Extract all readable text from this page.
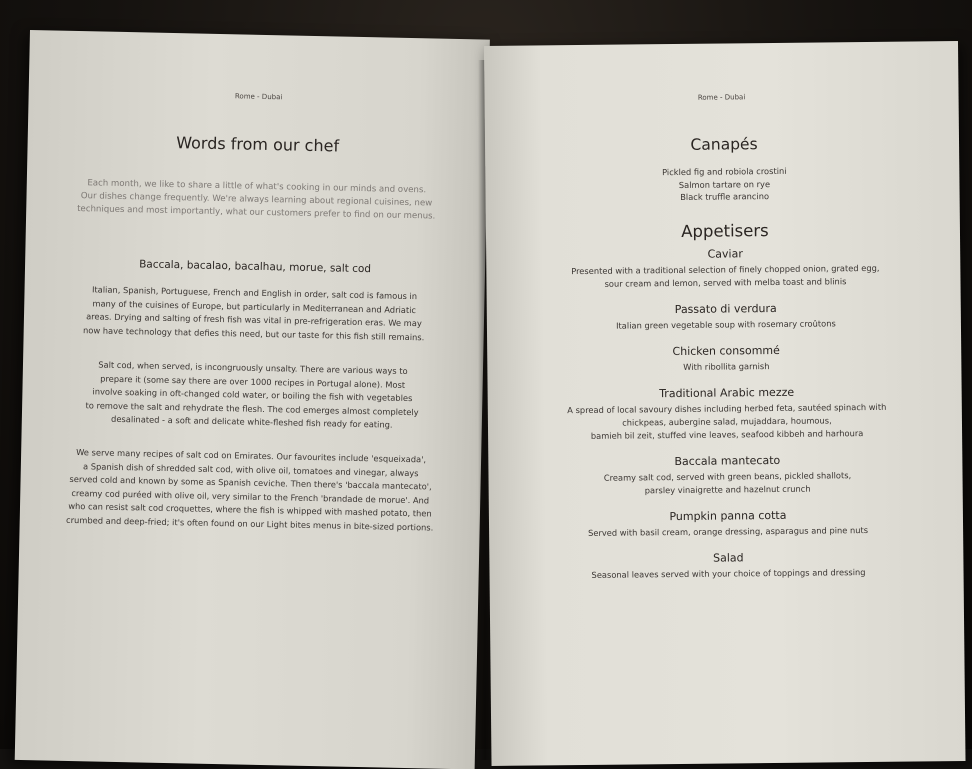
Rome - Dubai

Words from our chef

Each month, we like to share a little of what's cooking in our minds and ovens.
Our dishes change frequently. We're always learning about regional cuisines, new
techniques and most importantly, what our customers prefer to find on our menus.

Baccala, bacalao, bacalhau, morue, salt cod

Italian, Spanish, Portuguese, French and English in order, salt cod is famous in
many of the cuisines of Europe, but particularly in Mediterranean and Adriatic
areas. Drying and salting of fresh fish was vital in pre-refrigeration eras. We may
now have technology that defies this need, but our taste for this fish still remains.

Salt cod, when served, is incongruously unsalty. There are various ways to
prepare it (some say there are over 1000 recipes in Portugal alone). Most
involve soaking in oft-changed cold water, or boiling the fish with vegetables
to remove the salt and rehydrate the flesh. The cod emerges almost completely
desalinated - a soft and delicate white-fleshed fish ready for eating.

We serve many recipes of salt cod on Emirates. Our favourites include 'esqueixada',
a Spanish dish of shredded salt cod, with olive oil, tomatoes and vinegar, always
served cold and known by some as Spanish ceviche. Then there's 'baccala mantecato',
creamy cod puréed with olive oil, very similar to the French 'brandade de morue'. And
who can resist salt cod croquettes, where the fish is whipped with mashed potato, then
crumbed and deep-fried; it's often found on our Light bites menus in bite-sized portions.

Rome - Dubai

Canapés

Pickled fig and robiola crostini

Salmon tartare on rye

Black truffle arancino

Appetisers

Caviar

Presented with a traditional selection of finely chopped onion, grated egg,
sour cream and lemon, served with melba toast and blinis

Passato di verdura

Italian green vegetable soup with rosemary croûtons

Chicken consommé

With ribollita garnish

Traditional Arabic mezze

A spread of local savoury dishes including herbed feta, sautéed spinach with
chickpeas, aubergine salad, mujaddara, houmous,
bamieh bil zeit, stuffed vine leaves, seafood kibbeh and harhoura

Baccala mantecato

Creamy salt cod, served with green beans, pickled shallots,
parsley vinaigrette and hazelnut crunch

Pumpkin panna cotta

Served with basil cream, orange dressing, asparagus and pine nuts

Salad

Seasonal leaves served with your choice of toppings and dressing
